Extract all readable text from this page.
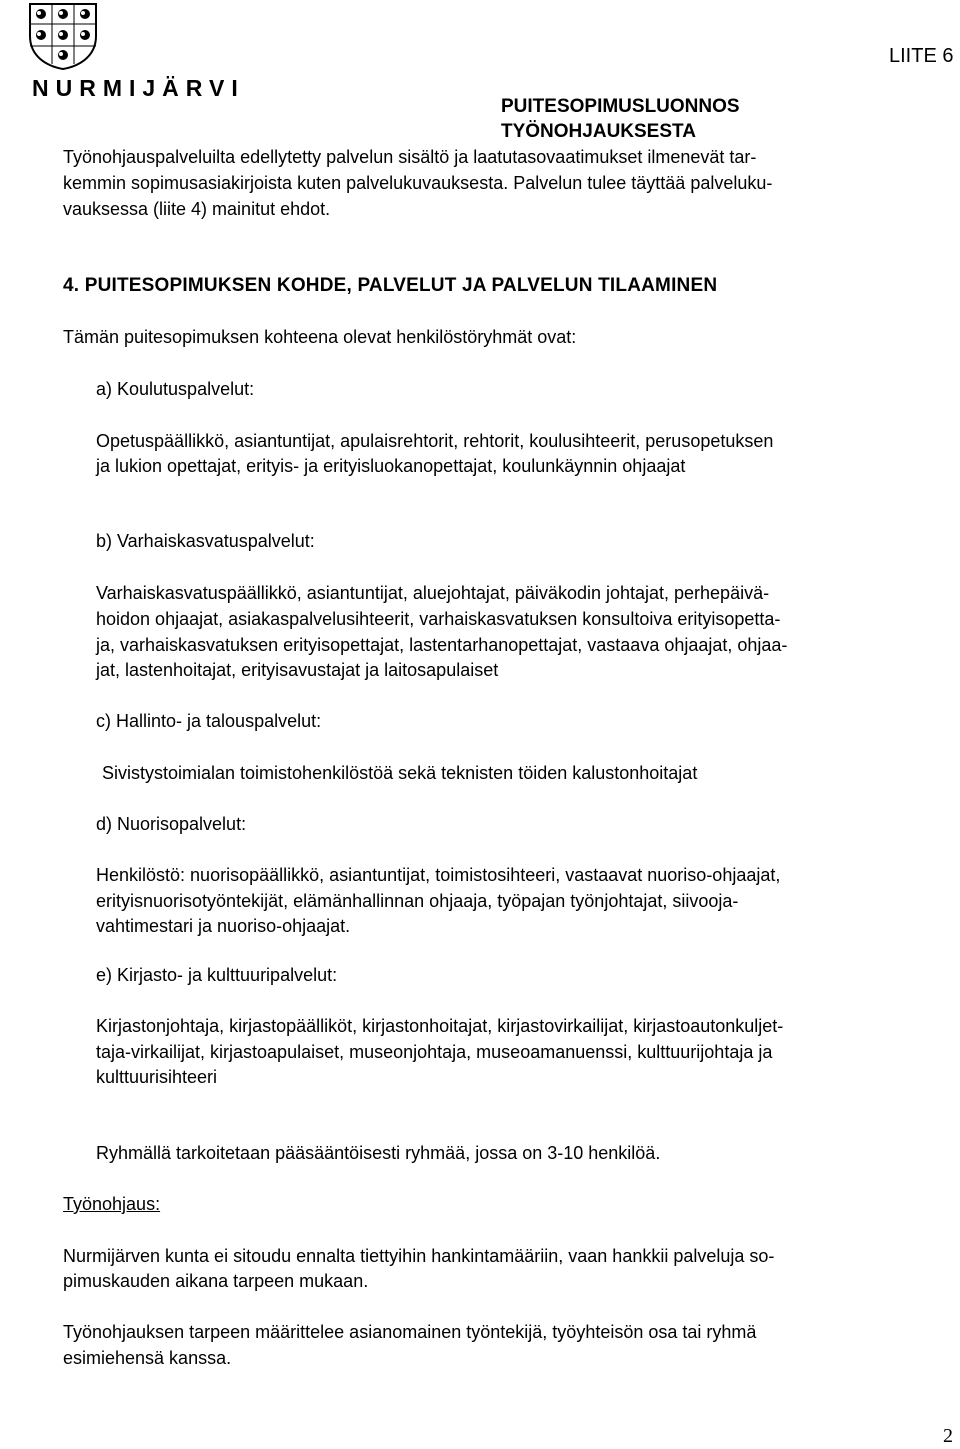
NURMIJÄRVI
LIITE 6
PUITESOPIMUSLUONNOS
TYÖNOHJAUKSESTA
Työnohjauspalveluilta edellytetty palvelun sisältö ja laatutasovaatimukset ilmenevät tar-
kemmin sopimusasiakirjoista kuten palvelukuvauksesta. Palvelun tulee täyttää palveluku-
vauksessa (liite 4) mainitut ehdot.
4. PUITESOPIMUKSEN KOHDE, PALVELUT JA PALVELUN TILAAMINEN
Tämän puitesopimuksen kohteena olevat henkilöstöryhmät ovat:
a) Koulutuspalvelut:
Opetuspäällikkö, asiantuntijat, apulaisrehtorit, rehtorit, koulusihteerit, perusopetuksen
ja lukion opettajat, erityis- ja erityisluokanopettajat, koulunkäynnin ohjaajat
b) Varhaiskasvatuspalvelut:
Varhaiskasvatuspäällikkö, asiantuntijat, aluejohtajat, päiväkodin johtajat, perhepäivä-
hoidon ohjaajat, asiakaspalvelusihteerit, varhaiskasvatuksen konsultoiva erityisopetta-
ja, varhaiskasvatuksen erityisopettajat, lastentarhanopettajat, vastaava ohjaajat, ohjaa-
jat, lastenhoitajat, erityisavustajat ja laitosapulaiset
c) Hallinto- ja talouspalvelut:
Sivistystoimialan toimistohenkilöstöä sekä teknisten töiden kalustonhoitajat
d) Nuorisopalvelut:
Henkilöstö: nuorisopäällikkö, asiantuntijat, toimistosihteeri, vastaavat nuoriso-ohjaajat,
erityisnuorisotyöntekijät, elämänhallinnan ohjaaja, työpajan työnjohtajat, siivooja-
vahtimestari ja nuoriso-ohjaajat.
e) Kirjasto- ja kulttuuripalvelut:
Kirjastonjohtaja, kirjastopäälliköt, kirjastonhoitajat, kirjastovirkailijat, kirjastoautonkuljet-
taja-virkailijat, kirjastoapulaiset, museonjohtaja, museoamanuenssi, kulttuurijohtaja ja
kulttuurisihteeri
Ryhmällä tarkoitetaan pääsääntöisesti ryhmää, jossa on 3-10 henkilöä.
Työnohjaus:
Nurmijärven kunta ei sitoudu ennalta tiettyihin hankintamääriin, vaan hankkii palveluja so-
pimuskauden aikana tarpeen mukaan.
Työnohjauksen tarpeen määrittelee asianomainen työntekijä, työyhteisön osa tai ryhmä
esimiehensä kanssa.
2
